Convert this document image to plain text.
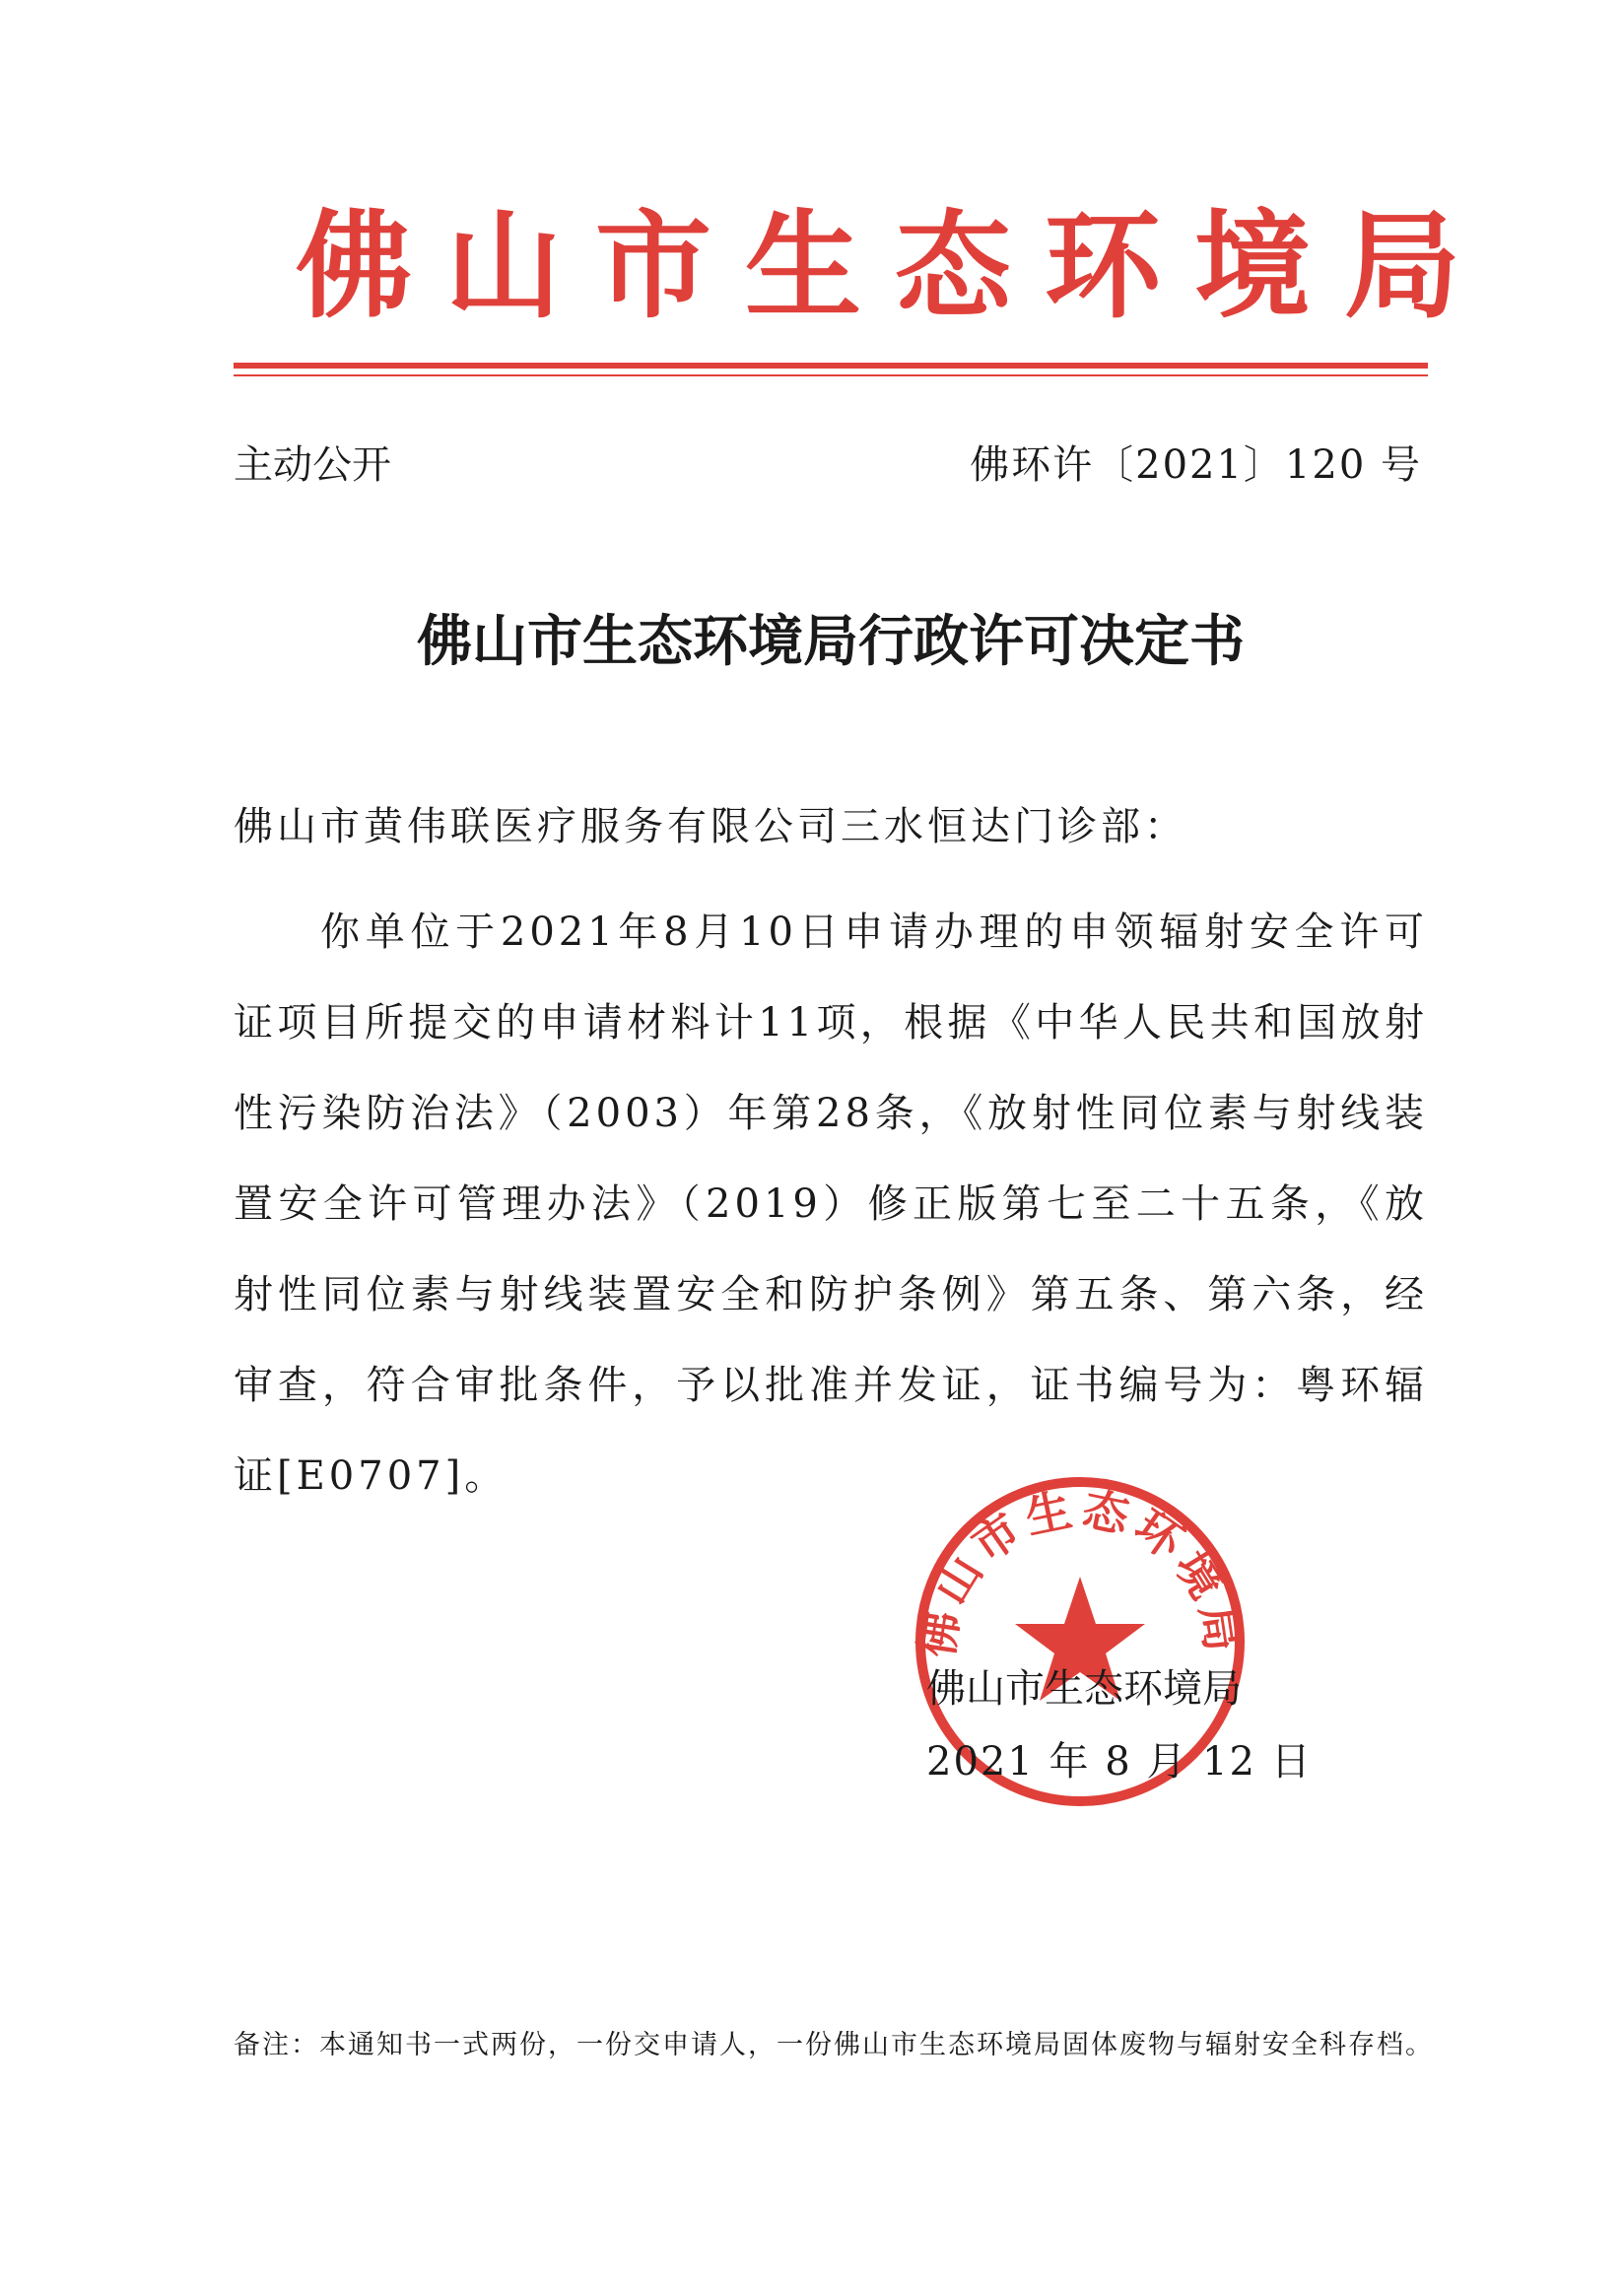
佛山市生态环境局
主动公开	佛环许〔2021〕120 号
佛山市生态环境局行政许可决定书
佛山市黄伟联医疗服务有限公司三水恒达门诊部：

你单位于2021年8月10日申请办理的申领辐射安全许可证项目所提交的申请材料计11项，根据《中华人民共和国放射性污染防治法》（2003）年第28条，《放射性同位素与射线装置安全许可管理办法》（2019）修正版第七至二十五条，《放射性同位素与射线装置安全和防护条例》第五条、第六条，经审查，符合审批条件，予以批准并发证，证书编号为：粤环辐证[E0707]。

佛山市生态环境局
佛山市生态环境局
2021 年 8 月 12 日
备注：本通知书一式两份，一份交申请人，一份佛山市生态环境局固体废物与辐射安全科存档。
